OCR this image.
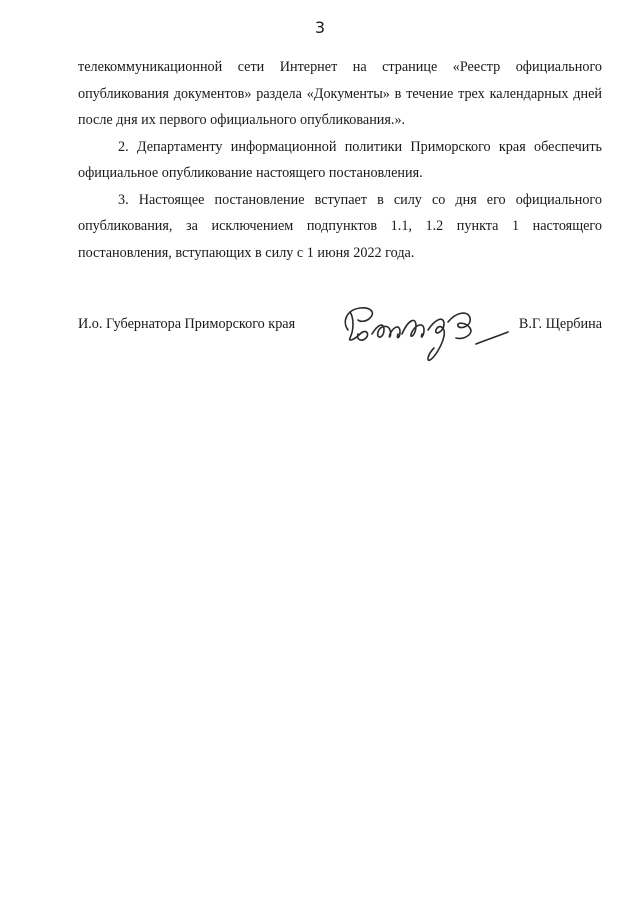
3

телекоммуникационной сети Интернет на странице «Реестр официального опубликования документов» раздела «Документы» в течение трех календарных дней после дня их первого официального опубликования.».

2. Департаменту информационной политики Приморского края обеспечить официальное опубликование настоящего постановления.

3. Настоящее постановление вступает в силу со дня его официального опубликования, за исключением подпунктов 1.1, 1.2 пункта 1 настоящего постановления, вступающих в силу с 1 июня 2022 года.

И.о. Губернатора Приморского края	В.Г. Щербина
